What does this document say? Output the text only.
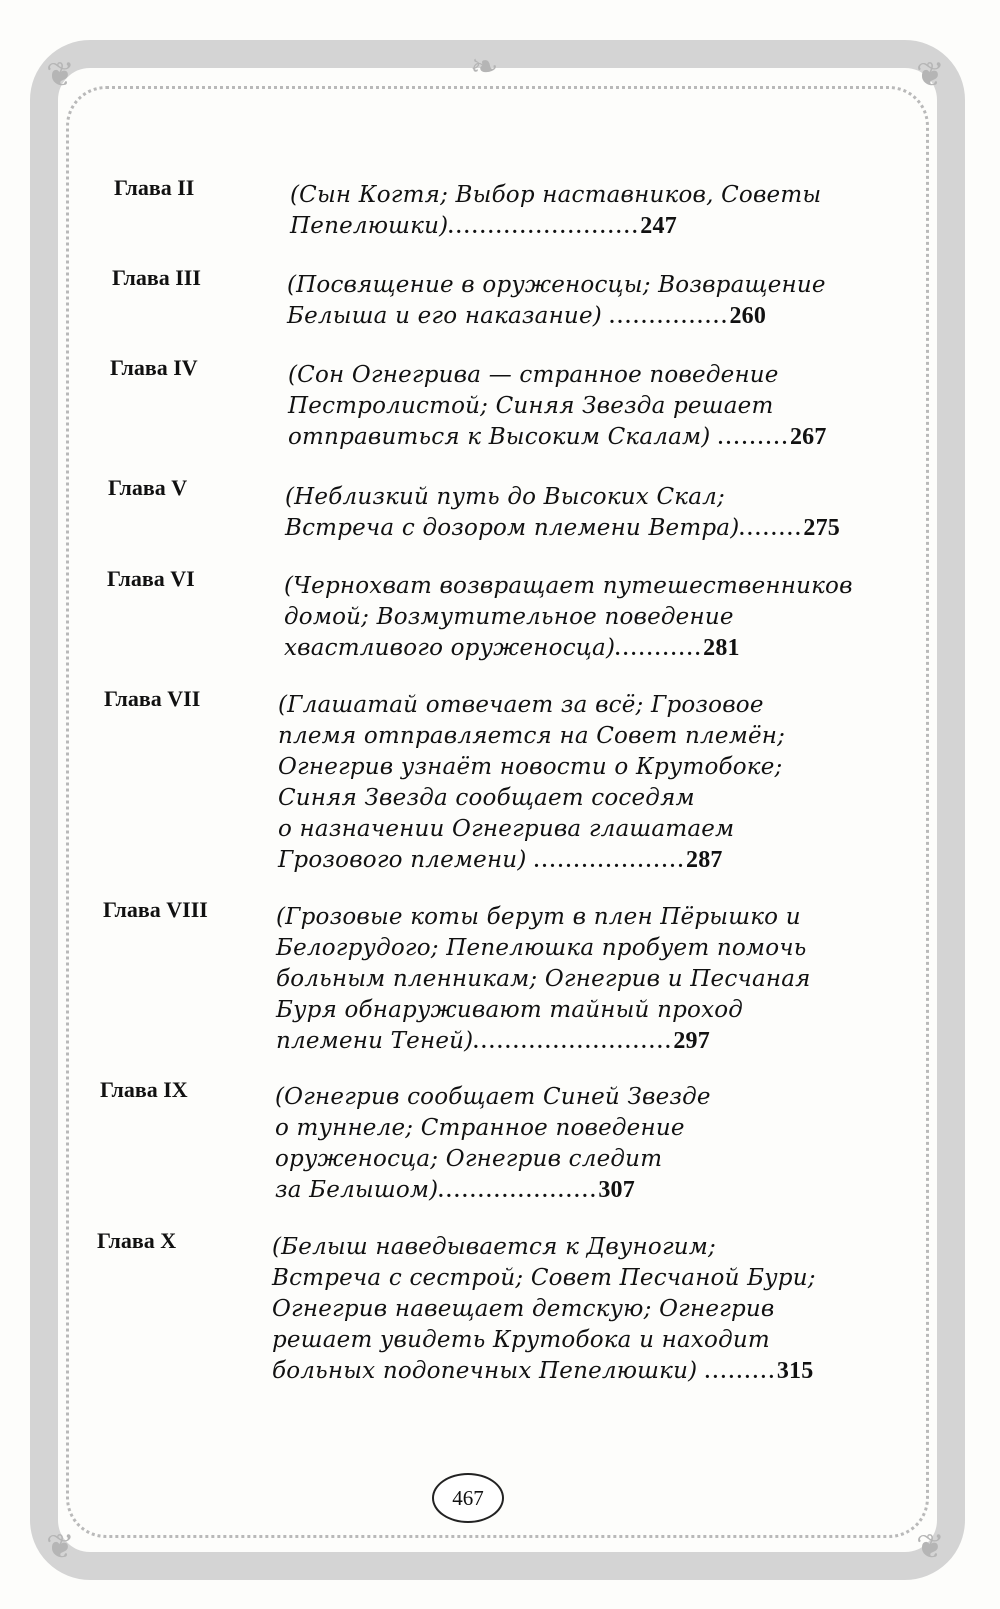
❦	❦
❦	❦
❧
Глава II	(Сын Когтя; Выбор наставников, Советы
Пепелюшки)........................247
Глава III	(Посвящение в оруженосцы; Возвращение
Белыша и его наказание) ...............260
Глава IV	(Сон Огнегрива — странное поведение
Пестролистой; Синяя Звезда решает
отправиться к Высоким Скалам) .........267
Глава V	(Неблизкий путь до Высоких Скал;
Встреча с дозором племени Ветра)........275
Глава VI	(Чернохват возвращает путешественников
домой; Возмутительное поведение
хвастливого оруженосца)...........281
Глава VII	(Глашатай отвечает за всё; Грозовое
племя отправляется на Совет племён;
Огнегрив узнаёт новости о Крутобоке;
Синяя Звезда сообщает соседям
о назначении Огнегрива глашатаем
Грозового племени) ...................287
Глава VIII	(Грозовые коты берут в плен Пёрышко и
Белогрудого; Пепелюшка пробует помочь
больным пленникам; Огнегрив и Песчаная
Буря обнаруживают тайный проход
племени Теней).........................297
Глава IX	(Огнегрив сообщает Синей Звезде
о туннеле; Странное поведение
оруженосца; Огнегрив следит
за Белышом)....................307
Глава X	(Белыш наведывается к Двуногим;
Встреча с сестрой; Совет Песчаной Бури;
Огнегрив навещает детскую; Огнегрив
решает увидеть Крутобока и находит
больных подопечных Пепелюшки) .........315
467
